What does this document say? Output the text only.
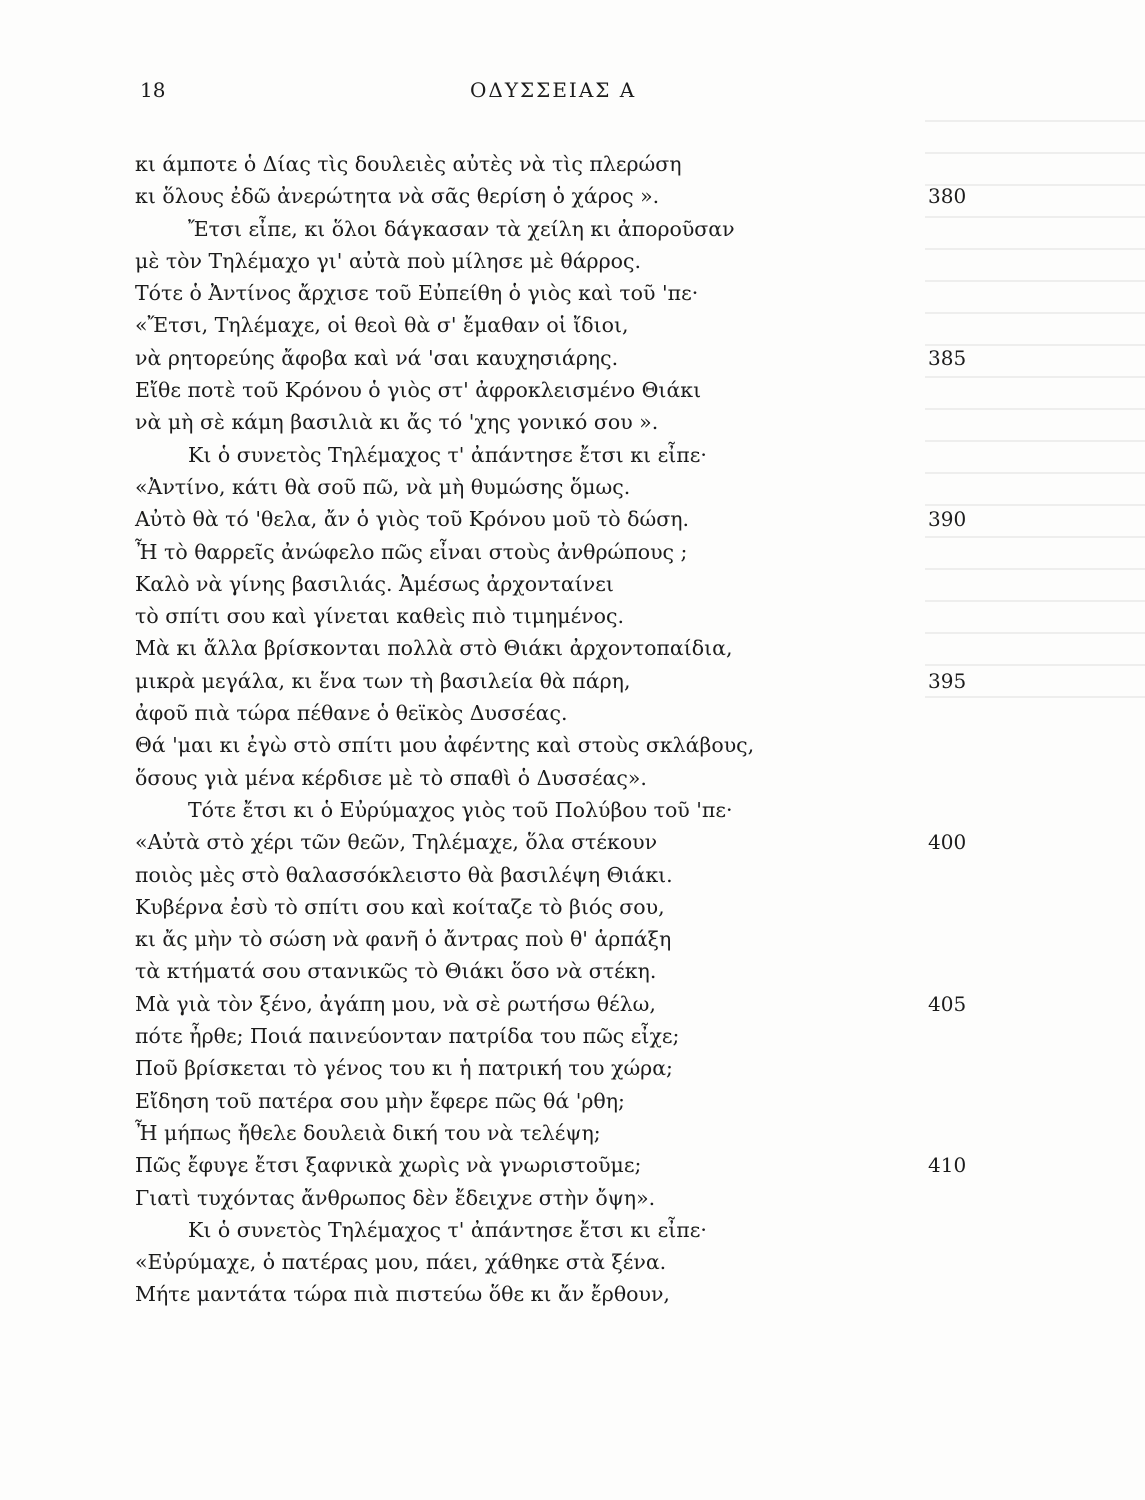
18	ΟΔΥΣΣΕΙΑΣ Α
κι άμποτε ὁ Δίας τὶς δουλειὲς αὐτὲς νὰ τὶς πλερώση
κι ὅλους ἐδῶ ἀνερώτητα νὰ σᾶς θερίση ὁ χάρος ».	380
Ἔτσι εἶπε, κι ὅλοι δάγκασαν τὰ χείλη κι ἀποροῦσαν
μὲ τὸν Τηλέμαχο γι' αὐτὰ ποὺ μίλησε μὲ θάρρος.
Τότε ὁ Ἀντίνος ἄρχισε τοῦ Εὐπείθη ὁ γιὸς καὶ τοῦ 'πε·
«Ἔτσι, Τηλέμαχε, οἱ θεοὶ θὰ σ' ἔμαθαν οἱ ἴδιοι,
νὰ ρητορεύης ἄφοβα καὶ νά 'σαι καυχησιάρης.	385
Εἴθε ποτὲ τοῦ Κρόνου ὁ γιὸς στ' ἀφροκλεισμένο Θιάκι
νὰ μὴ σὲ κάμη βασιλιὰ κι ἄς τό 'χης γονικό σου ».
Κι ὁ συνετὸς Τηλέμαχος τ' ἀπάντησε ἔτσι κι εἶπε·
«Ἀντίνο, κάτι θὰ σοῦ πῶ, νὰ μὴ θυμώσης ὅμως.
Αὐτὸ θὰ τό 'θελα, ἄν ὁ γιὸς τοῦ Κρόνου μοῦ τὸ δώση.	390
Ἦ τὸ θαρρεῖς ἀνώφελο πῶς εἶναι στοὺς ἀνθρώπους ;
Καλὸ νὰ γίνης βασιλιάς. Ἀμέσως ἀρχονταίνει
τὸ σπίτι σου καὶ γίνεται καθεὶς πιὸ τιμημένος.
Μὰ κι ἄλλα βρίσκονται πολλὰ στὸ Θιάκι ἀρχοντοπαίδια,
μικρὰ μεγάλα, κι ἕνα των τὴ βασιλεία θὰ πάρη,	395
ἀφοῦ πιὰ τώρα πέθανε ὁ θεϊκὸς Δυσσέας.
Θά 'μαι κι ἐγὼ στὸ σπίτι μου ἀφέντης καὶ στοὺς σκλάβους,
ὅσους γιὰ μένα κέρδισε μὲ τὸ σπαθὶ ὁ Δυσσέας».
Τότε ἔτσι κι ὁ Εὐρύμαχος γιὸς τοῦ Πολύβου τοῦ 'πε·
«Αὐτὰ στὸ χέρι τῶν θεῶν, Τηλέμαχε, ὅλα στέκουν	400
ποιὸς μὲς στὸ θαλασσόκλειστο θὰ βασιλέψη Θιάκι.
Κυβέρνα ἐσὺ τὸ σπίτι σου καὶ κοίταζε τὸ βιός σου,
κι ἄς μὴν τὸ σώση νὰ φανῆ ὁ ἄντρας ποὺ θ' ἁρπάξη
τὰ κτήματά σου στανικῶς τὸ Θιάκι ὅσο νὰ στέκη.
Μὰ γιὰ τὸν ξένο, ἀγάπη μου, νὰ σὲ ρωτήσω θέλω,	405
πότε ἦρθε; Ποιά παινεύονταν πατρίδα του πῶς εἶχε;
Ποῦ βρίσκεται τὸ γένος του κι ἡ πατρική του χώρα;
Εἴδηση τοῦ πατέρα σου μὴν ἔφερε πῶς θά 'ρθη;
Ἦ μήπως ἤθελε δουλειὰ δική του νὰ τελέψη;
Πῶς ἔφυγε ἔτσι ξαφνικὰ χωρὶς νὰ γνωριστοῦμε;	410
Γιατὶ τυχόντας ἄνθρωπος δὲν ἔδειχνε στὴν ὄψη».
Κι ὁ συνετὸς Τηλέμαχος τ' ἀπάντησε ἔτσι κι εἶπε·
«Εὐρύμαχε, ὁ πατέρας μου, πάει, χάθηκε στὰ ξένα.
Μήτε μαντάτα τώρα πιὰ πιστεύω ὅθε κι ἄν ἔρθουν,
